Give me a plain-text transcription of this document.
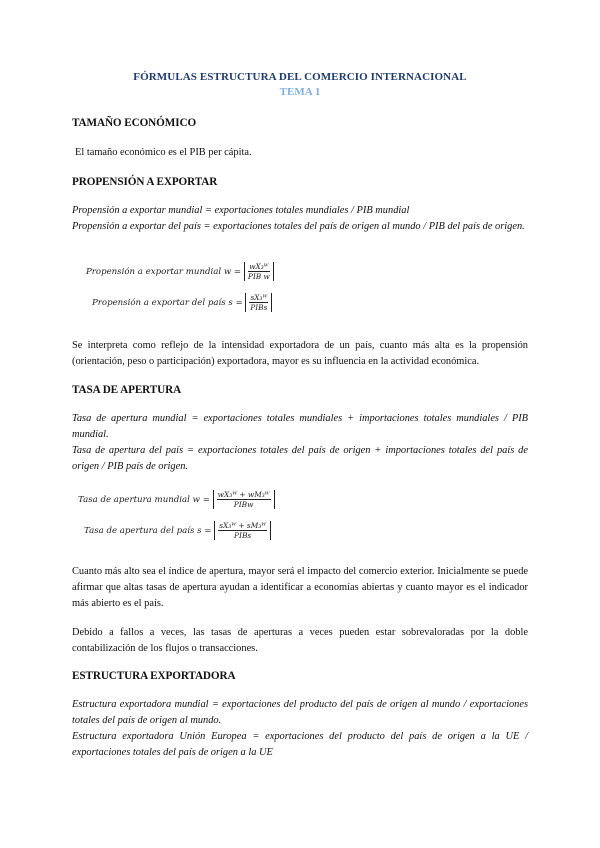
FÓRMULAS ESTRUCTURA DEL COMERCIO INTERNACIONAL
TEMA 1
TAMAÑO ECONÓMICO
El tamaño económico es el PIB per cápita.
PROPENSIÓN A EXPORTAR
Propensión a exportar mundial = exportaciones totales mundiales / PIB mundial
Propensión a exportar del país = exportaciones totales del país de origen al mundo / PIB del país de origen.
Propensión a exportar mundial w =
wX₃ᵂ
PIB w
Propensión a exportar del país s =
sX₃ᵂ
PIBs
Se interpreta como reflejo de la intensidad exportadora de un país, cuanto más alta es la propensión (orientación, peso o participación) exportadora, mayor es su influencia en la actividad económica.
TASA DE APERTURA
Tasa de apertura mundial = exportaciones totales mundiales + importaciones totales mundiales / PIB mundial.
Tasa de apertura del país = exportaciones totales del país de origen + importaciones totales del país de origen / PIB país de origen.
Tasa de apertura mundial w =
wX₃ᵂ + wM₃ᵂ
PIBw
Tasa de apertura del país s =
sX₃ᵂ + sM₃ᵂ
PIBs
Cuanto más alto sea el índice de apertura, mayor será el impacto del comercio exterior. Inicialmente se puede afirmar que altas tasas de apertura ayudan a identificar a economías abiertas y cuanto mayor es el indicador más abierto es el país.
Debido a fallos a veces, las tasas de aperturas a veces pueden estar sobrevaloradas por la doble contabilización de los flujos o transacciones.
ESTRUCTURA EXPORTADORA
Estructura exportadora mundial = exportaciones del producto del país de origen al mundo / exportaciones totales del país de origen al mundo.
Estructura exportadora Unión Europea = exportaciones del producto del país de origen a la UE / exportaciones totales del país de origen a la UE
